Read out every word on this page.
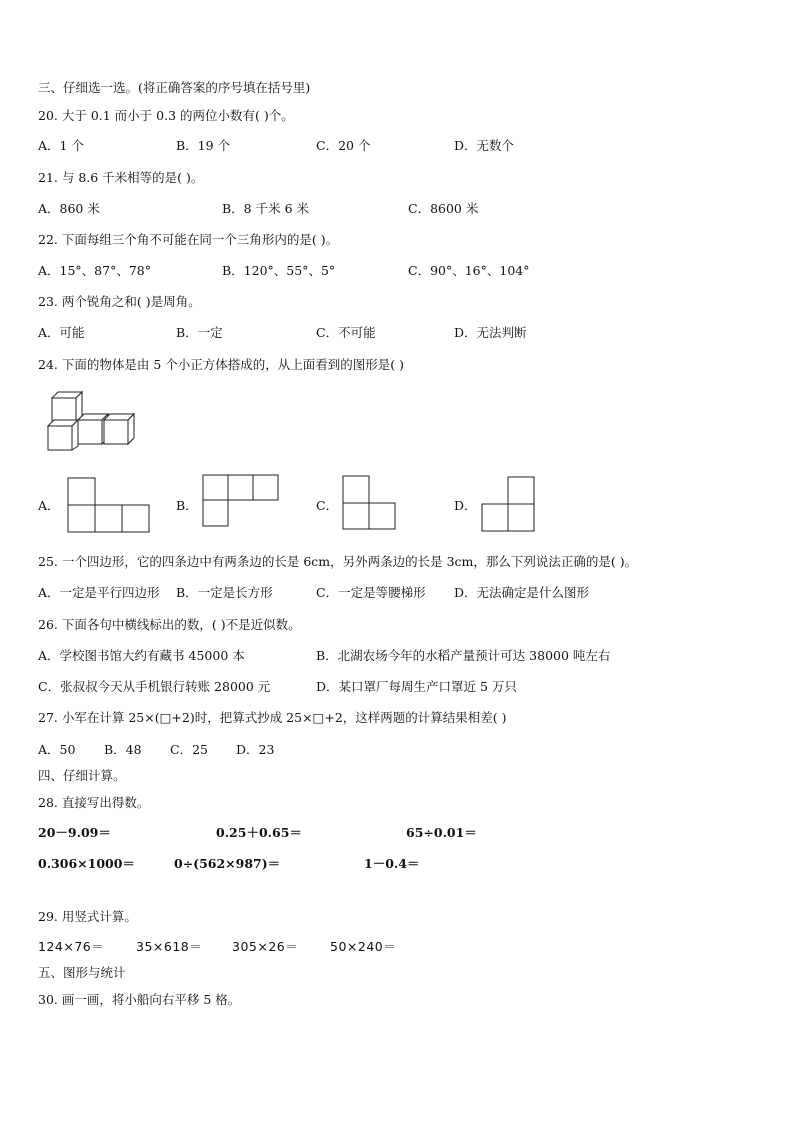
三、仔细选一选。(将正确答案的序号填在括号里)
20. 大于 0.1 而小于 0.3 的两位小数有( )个。
A．1 个	B．19 个	C．20 个	D．无数个
21. 与 8.6 千米相等的是( )。
A．860 米	B．8 千米 6 米	C．8600 米
22. 下面每组三个角不可能在同一个三角形内的是( )。
A．15°、87°、78°	B．120°、55°、5°	C．90°、16°、104°
23. 两个锐角之和( )是周角。
A．可能	B．一定	C．不可能	D．无法判断
24. 下面的物体是由 5 个小正方体搭成的，从上面看到的图形是( )
A．	B．	C．	D．
25. 一个四边形，它的四条边中有两条边的长是 6cm，另外两条边的长是 3cm，那么下列说法正确的是( )。
A．一定是平行四边形 B．一定是长方形	C．一定是等腰梯形 D．无法确定是什么图形
26. 下面各句中横线标出的数，( )不是近似数。
A．学校图书馆大约有藏书 45000 本	B．北湖农场今年的水稻产量预计可达 38000 吨左右
C．张叔叔今天从手机银行转账 28000 元	D．某口罩厂每周生产口罩近 5 万只
27. 小军在计算 25×(□+2)时，把算式抄成 25×□+2，这样两题的计算结果相差( )
A．50 B．48 C．25 D．23
四、仔细计算。
28. 直接写出得数。
20－9.09＝	0.25＋0.65＝	65÷0.01＝
0.306×1000＝	0÷(562×987)＝	1－0.4＝
29. 用竖式计算。
124×76＝	35×618＝ 305×26＝	50×240＝
五、图形与统计
30. 画一画，将小船向右平移 5 格。
